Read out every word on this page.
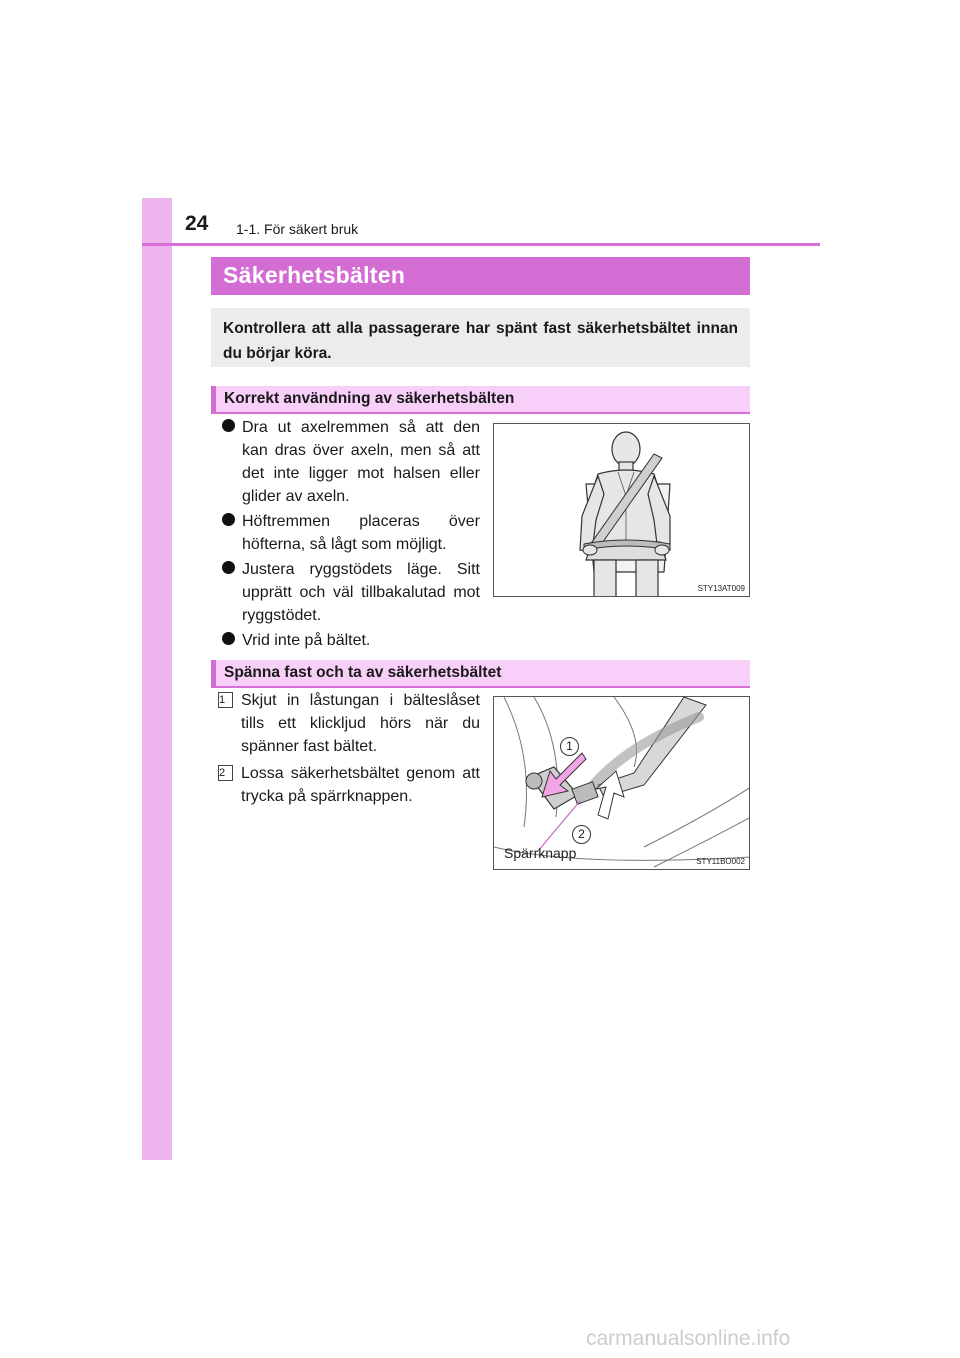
24 1-1. För säkert bruk
Säkerhetsbälten
Kontrollera att alla passagerare har spänt fast säkerhetsbältet innan du börjar köra.
Korrekt användning av säkerhetsbälten
Dra ut axelremmen så att den kan dras över axeln, men så att det inte ligger mot halsen eller glider av axeln.
Höftremmen placeras över höfterna, så lågt som möjligt.
Justera ryggstödets läge. Sitt upprätt och väl tillbakalutad mot ryggstödet.
Vrid inte på bältet.
STY13AT009
Spänna fast och ta av säkerhetsbältet
1 Skjut in låstungan i bälteslåset tills ett klickljud hörs när du spänner fast bältet.
2 Lossa säkerhetsbältet genom att trycka på spärrknappen.
1
2
Spärrknapp
STY11BO002
carmanualsonline.info
